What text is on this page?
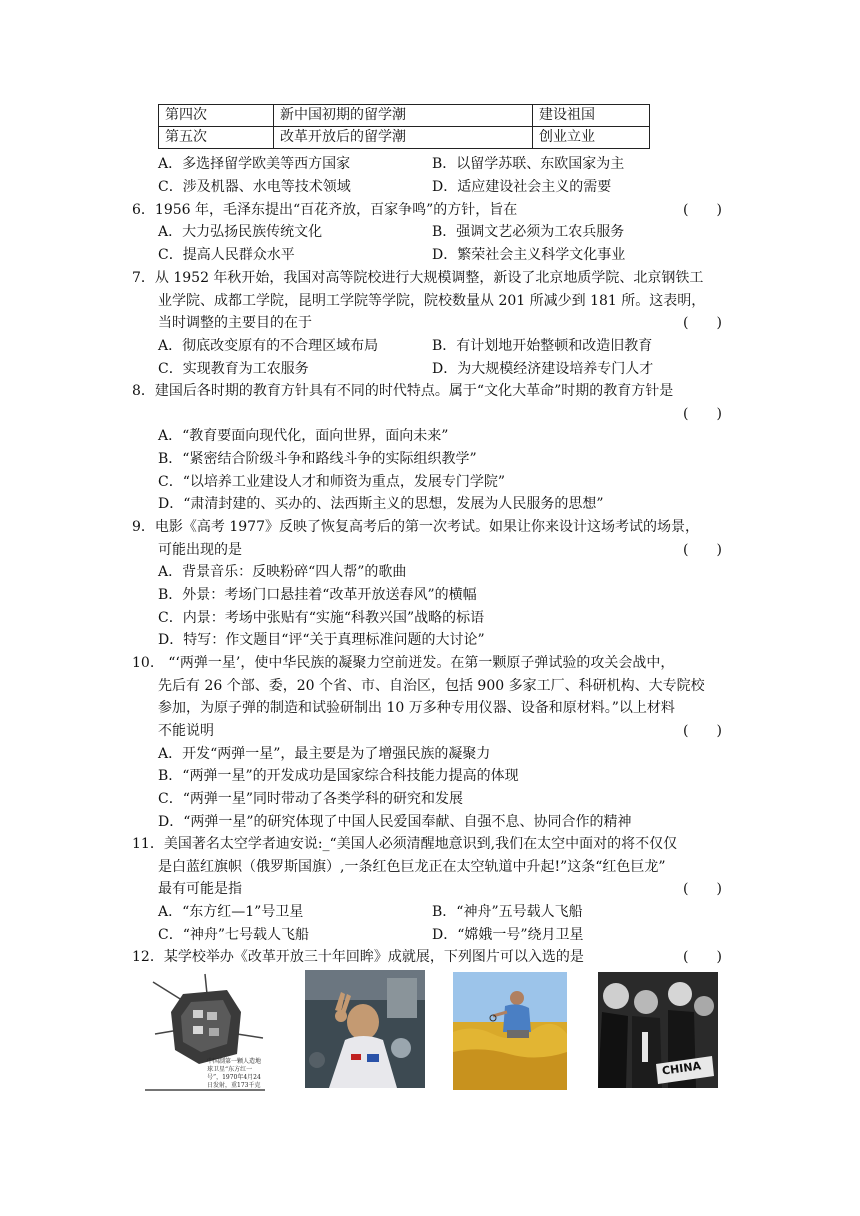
第四次	新中国初期的留学潮	建设祖国
第五次	改革开放后的留学潮	创业立业
A．多选择留学欧美等西方国家	B．以留学苏联、东欧国家为主
C．涉及机器、水电等技术领域	D．适应建设社会主义的需要
6．1956 年，毛泽东提出“百花齐放，百家争鸣”的方针，旨在	(　　)
A．大力弘扬民族传统文化	B．强调文艺必须为工农兵服务
C．提高人民群众水平	D．繁荣社会主义科学文化事业
7．从 1952 年秋开始，我国对高等院校进行大规模调整，新设了北京地质学院、北京钢铁工
业学院、成都工学院，昆明工学院等学院，院校数量从 201 所减少到 181 所。这表明，
当时调整的主要目的在于	(　　)
A．彻底改变原有的不合理区域布局	B．有计划地开始整顿和改造旧教育
C．实现教育为工农服务	D．为大规模经济建设培养专门人才
8．建国后各时期的教育方针具有不同的时代特点。属于“文化大革命”时期的教育方针是
(　　)
A．“教育要面向现代化，面向世界，面向未来”
B．“紧密结合阶级斗争和路线斗争的实际组织教学”
C．“以培养工业建设人才和师资为重点，发展专门学院”
D．“肃清封建的、买办的、法西斯主义的思想，发展为人民服务的思想”
9．电影《高考 1977》反映了恢复高考后的第一次考试。如果让你来设计这场考试的场景，
可能出现的是	(　　)
A．背景音乐：反映粉碎“四人帮”的歌曲
B．外景：考场门口悬挂着“改革开放送春风”的横幅
C．内景：考场中张贴有“实施“科教兴国”战略的标语
D．特写：作文题目“评“关于真理标准问题的大讨论”
10.　“‘两弹一星’，使中华民族的凝聚力空前迸发。在第一颗原子弹试验的攻关会战中，
先后有 26 个部、委，20 个省、市、自治区，包括 900 多家工厂、科研机构、大专院校
参加，为原子弹的制造和试验研制出 10 万多种专用仪器、设备和原材料。”以上材料
不能说明	(　　)
A．开发“两弹一星”，最主要是为了增强民族的凝聚力
B．“两弹一星”的开发成功是国家综合科技能力提高的体现
C．“两弹一星”同时带动了各类学科的研究和发展
D．“两弹一星”的研究体现了中国人民爱国奉献、自强不息、协同合作的精神
11．美国著名太空学者迪安说:_“美国人必须清醒地意识到,我们在太空中面对的将不仅仅
是白蓝红旗帜（俄罗斯国旗）,一条红色巨龙正在太空轨道中升起!”这条“红色巨龙”
最有可能是指	(　　)
A．“东方红—1”号卫星	B．“神舟”五号载人飞船
C．“神舟”七号载人飞船	D．“嫦娥一号”绕月卫星
12．某学校举办《改革开放三十年回眸》成就展，下列图片可以入选的是	(　　)
中国制第一颗人造地球卫星“东方红一号”，1970年4月24日发射，重173千克
CHINA
